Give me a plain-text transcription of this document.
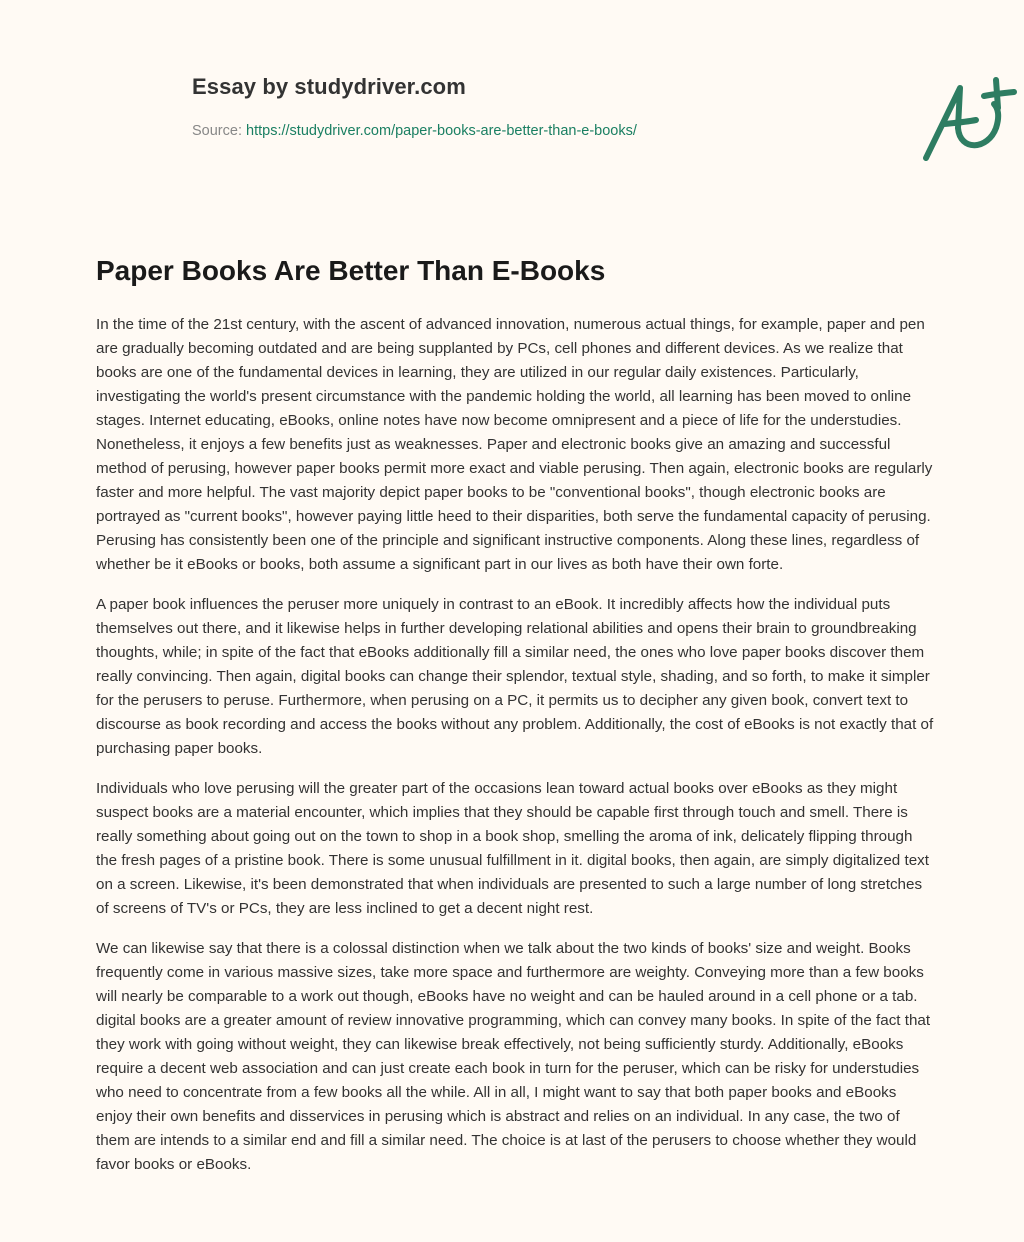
Essay by studydriver.com
Source: https://studydriver.com/paper-books-are-better-than-e-books/
Paper Books Are Better Than E-Books

In the time of the 21st century, with the ascent of advanced innovation, numerous actual things, for example, paper and pen are gradually becoming outdated and are being supplanted by PCs, cell phones and different devices. As we realize that books are one of the fundamental devices in learning, they are utilized in our regular daily existences. Particularly, investigating the world's present circumstance with the pandemic holding the world, all learning has been moved to online stages. Internet educating, eBooks, online notes have now become omnipresent and a piece of life for the understudies. Nonetheless, it enjoys a few benefits just as weaknesses. Paper and electronic books give an amazing and successful method of perusing, however paper books permit more exact and viable perusing. Then again, electronic books are regularly faster and more helpful. The vast majority depict paper books to be "conventional books", though electronic books are portrayed as "current books", however paying little heed to their disparities, both serve the fundamental capacity of perusing. Perusing has consistently been one of the principle and significant instructive components. Along these lines, regardless of whether be it eBooks or books, both assume a significant part in our lives as both have their own forte.

A paper book influences the peruser more uniquely in contrast to an eBook. It incredibly affects how the individual puts themselves out there, and it likewise helps in further developing relational abilities and opens their brain to groundbreaking thoughts, while; in spite of the fact that eBooks additionally fill a similar need, the ones who love paper books discover them really convincing. Then again, digital books can change their splendor, textual style, shading, and so forth, to make it simpler for the perusers to peruse. Furthermore, when perusing on a PC, it permits us to decipher any given book, convert text to discourse as book recording and access the books without any problem. Additionally, the cost of eBooks is not exactly that of purchasing paper books.

Individuals who love perusing will the greater part of the occasions lean toward actual books over eBooks as they might suspect books are a material encounter, which implies that they should be capable first through touch and smell. There is really something about going out on the town to shop in a book shop, smelling the aroma of ink, delicately flipping through the fresh pages of a pristine book. There is some unusual fulfillment in it. digital books, then again, are simply digitalized text on a screen. Likewise, it's been demonstrated that when individuals are presented to such a large number of long stretches of screens of TV's or PCs, they are less inclined to get a decent night rest.

We can likewise say that there is a colossal distinction when we talk about the two kinds of books' size and weight. Books frequently come in various massive sizes, take more space and furthermore are weighty. Conveying more than a few books will nearly be comparable to a work out though, eBooks have no weight and can be hauled around in a cell phone or a tab. digital books are a greater amount of review innovative programming, which can convey many books. In spite of the fact that they work with going without weight, they can likewise break effectively, not being sufficiently sturdy. Additionally, eBooks require a decent web association and can just create each book in turn for the peruser, which can be risky for understudies who need to concentrate from a few books all the while. All in all, I might want to say that both paper books and eBooks enjoy their own benefits and disservices in perusing which is abstract and relies on an individual. In any case, the two of them are intends to a similar end and fill a similar need. The choice is at last of the perusers to choose whether they would favor books or eBooks.
